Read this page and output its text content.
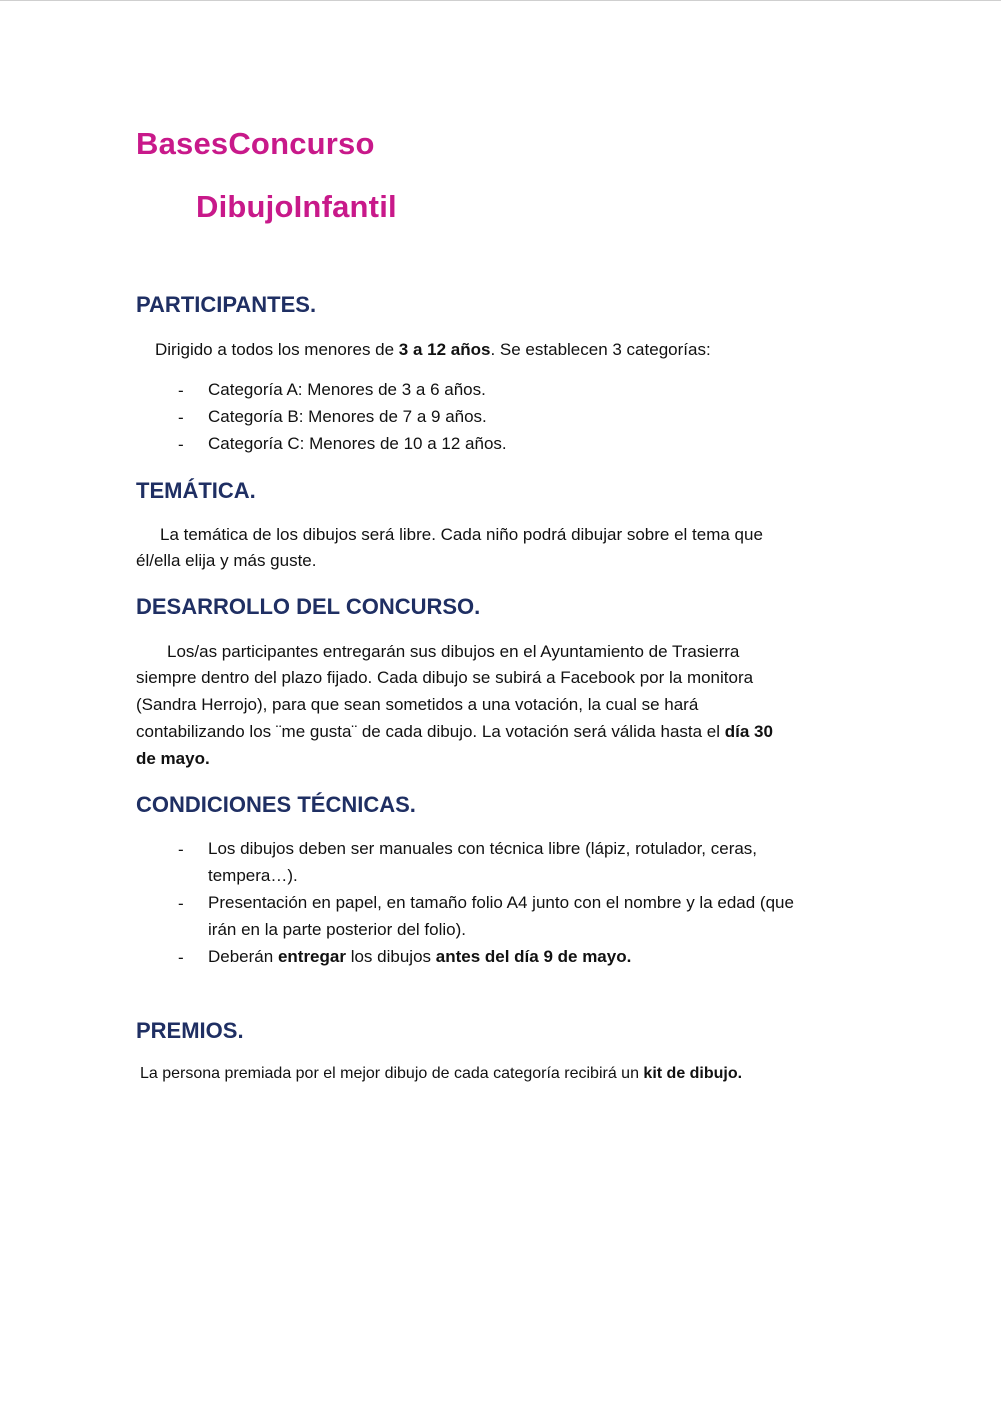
BasesConcurso
DibujoInfantil
PARTICIPANTES.
Dirigido a todos los menores de 3 a 12 años. Se establecen 3 categorías:
- Categoría A: Menores de 3 a 6 años.
- Categoría B: Menores de 7 a 9 años.
- Categoría C: Menores de 10 a 12 años.
TEMÁTICA.
La temática de los dibujos será libre. Cada niño podrá dibujar sobre el tema que
él/ella elija y más guste.
DESARROLLO DEL CONCURSO.
Los/as participantes entregarán sus dibujos en el Ayuntamiento de Trasierra
siempre dentro del plazo fijado. Cada dibujo se subirá a Facebook por la monitora
(Sandra Herrojo), para que sean sometidos a una votación, la cual se hará
contabilizando los ¨me gusta¨ de cada dibujo. La votación será válida hasta el día 30
de mayo.
CONDICIONES TÉCNICAS.
- Los dibujos deben ser manuales con técnica libre (lápiz, rotulador, ceras,
tempera…).
- Presentación en papel, en tamaño folio A4 junto con el nombre y la edad (que
irán en la parte posterior del folio).
- Deberán entregar los dibujos antes del día 9 de mayo.
PREMIOS.
La persona premiada por el mejor dibujo de cada categoría recibirá un kit de dibujo.
